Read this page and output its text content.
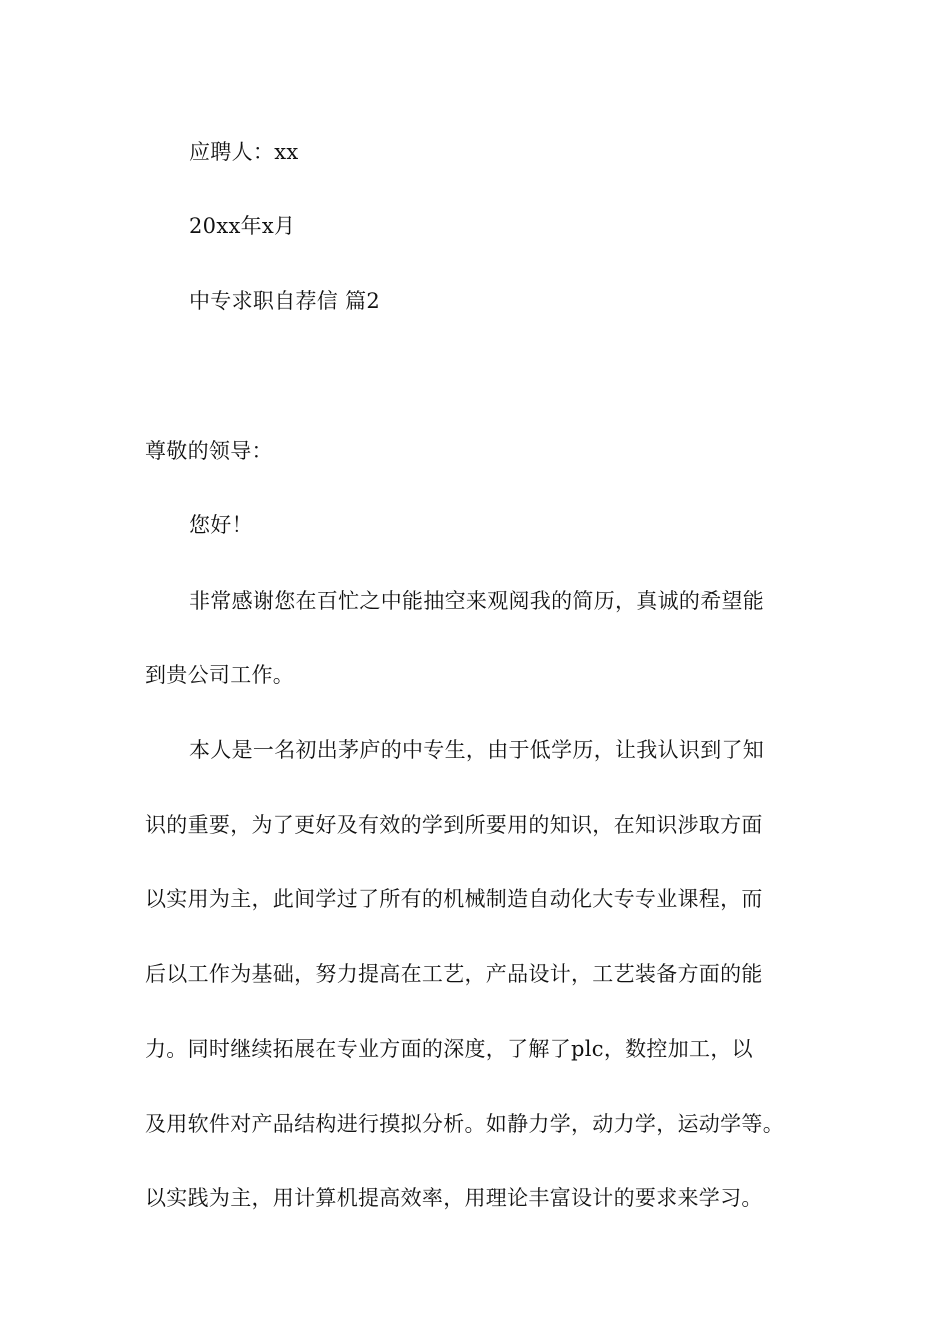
应聘人：xx
20xx年x月
中专求职自荐信 篇2
尊敬的领导：
您好！
非常感谢您在百忙之中能抽空来观阅我的简历，真诚的希望能
到贵公司工作。
本人是一名初出茅庐的中专生，由于低学历，让我认识到了知
识的重要，为了更好及有效的学到所要用的知识，在知识涉取方面
以实用为主，此间学过了所有的机械制造自动化大专专业课程，而
后以工作为基础，努力提高在工艺，产品设计，工艺装备方面的能
力。同时继续拓展在专业方面的深度，了解了plc，数控加工，以
及用软件对产品结构进行摸拟分析。如静力学，动力学，运动学等。
以实践为主，用计算机提高效率，用理论丰富设计的要求来学习。
